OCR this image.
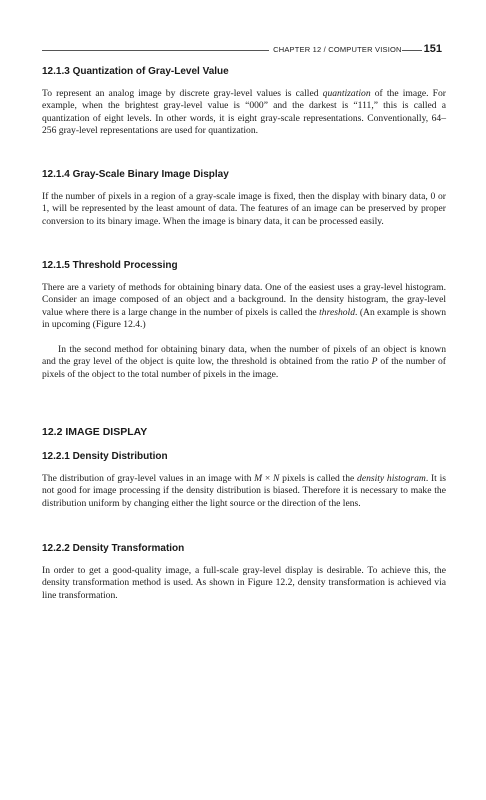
CHAPTER 12 / COMPUTER VISION 151
12.1.3 Quantization of Gray-Level Value
To represent an analog image by discrete gray-level values is called quantization of the image. For example, when the brightest gray-level value is “000” and the darkest is “111,” this is called a quantization of eight levels. In other words, it is eight gray-scale representations. Conventionally, 64–256 gray-level representations are used for quantization.
12.1.4 Gray-Scale Binary Image Display
If the number of pixels in a region of a gray-scale image is fixed, then the display with binary data, 0 or 1, will be represented by the least amount of data. The features of an image can be preserved by proper conversion to its binary image. When the image is binary data, it can be processed easily.
12.1.5 Threshold Processing
There are a variety of methods for obtaining binary data. One of the easiest uses a gray-level histogram. Consider an image composed of an object and a background. In the density histogram, the gray-level value where there is a large change in the number of pixels is called the threshold. (An example is shown in upcoming (Figure 12.4.)
In the second method for obtaining binary data, when the number of pixels of an object is known and the gray level of the object is quite low, the threshold is obtained from the ratio P of the number of pixels of the object to the total number of pixels in the image.
12.2 IMAGE DISPLAY
12.2.1 Density Distribution
The distribution of gray-level values in an image with M × N pixels is called the density histogram. It is not good for image processing if the density distribution is biased. Therefore it is necessary to make the distribution uniform by changing either the light source or the direction of the lens.
12.2.2 Density Transformation
In order to get a good-quality image, a full-scale gray-level display is desirable. To achieve this, the density transformation method is used. As shown in Figure 12.2, density transformation is achieved via line transformation.
